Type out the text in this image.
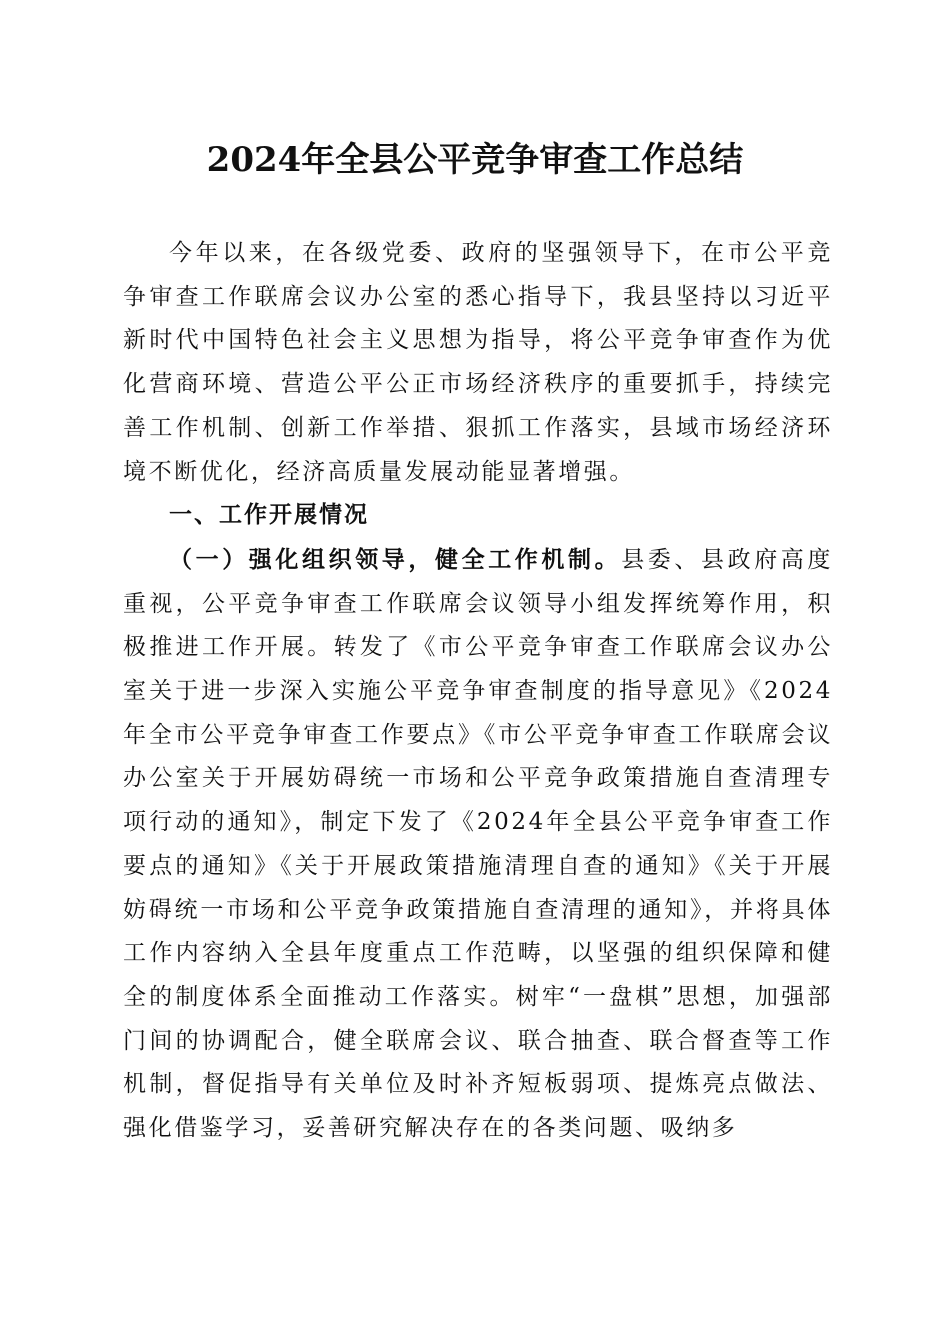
2024年全县公平竞争审查工作总结

今年以来，在各级党委、政府的坚强领导下，在市公平竞争审查工作联席会议办公室的悉心指导下，我县坚持以习近平新时代中国特色社会主义思想为指导，将公平竞争审查作为优化营商环境、营造公平公正市场经济秩序的重要抓手，持续完善工作机制、创新工作举措、狠抓工作落实，县域市场经济环境不断优化，经济高质量发展动能显著增强。

一、工作开展情况

（一）强化组织领导，健全工作机制。县委、县政府高度重视，公平竞争审查工作联席会议领导小组发挥统筹作用，积极推进工作开展。转发了《市公平竞争审查工作联席会议办公室关于进一步深入实施公平竞争审查制度的指导意见》《2024年全市公平竞争审查工作要点》《市公平竞争审查工作联席会议办公室关于开展妨碍统一市场和公平竞争政策措施自查清理专项行动的通知》，制定下发了《2024年全县公平竞争审查工作要点的通知》《关于开展政策措施清理自查的通知》《关于开展妨碍统一市场和公平竞争政策措施自查清理的通知》，并将具体工作内容纳入全县年度重点工作范畴，以坚强的组织保障和健全的制度体系全面推动工作落实。树牢“一盘棋”思想，加强部门间的协调配合，健全联席会议、联合抽查、联合督查等工作机制，督促指导有关单位及时补齐短板弱项、提炼亮点做法、强化借鉴学习，妥善研究解决存在的各类问题、吸纳多
